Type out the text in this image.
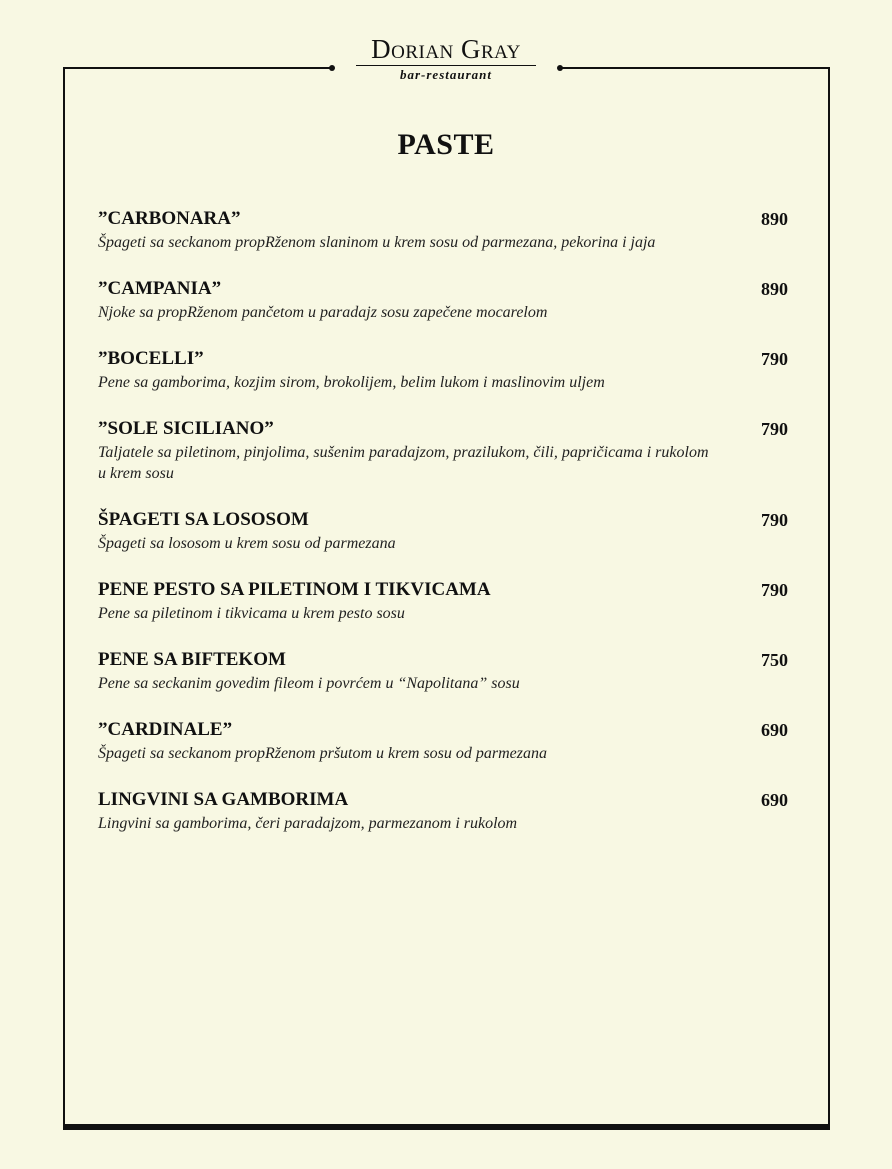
Dorian Gray
bar-restaurant
PASTE
”CARBONARA”	890
Špageti sa seckanom propRženom slaninom u krem sosu od parmezana, pekorina i jaja
”CAMPANIA”	890
Njoke sa propRženom pančetom u paradajz sosu zapečene mocarelom
”BOCELLI”	790
Pene sa gamborima, kozjim sirom, brokolijem, belim lukom i maslinovim uljem
”SOLE SICILIANO”	790
Taljatele sa piletinom, pinjolima, sušenim paradajzom, prazilukom, čili, papričicama i rukolom u krem sosu
ŠPAGETI SA LOSOSOM	790
Špageti sa lososom u krem sosu od parmezana
PENE PESTO SA PILETINOM I TIKVICAMA	790
Pene sa piletinom i tikvicama u krem pesto sosu
PENE SA BIFTEKOM	750
Pene sa seckanim govedim fileom i povrćem u “Napolitana” sosu
”CARDINALE”	690
Špageti sa seckanom propRženom pršutom u krem sosu od parmezana
LINGVINI SA GAMBORIMA	690
Lingvini sa gamborima, čeri paradajzom, parmezanom i rukolom
